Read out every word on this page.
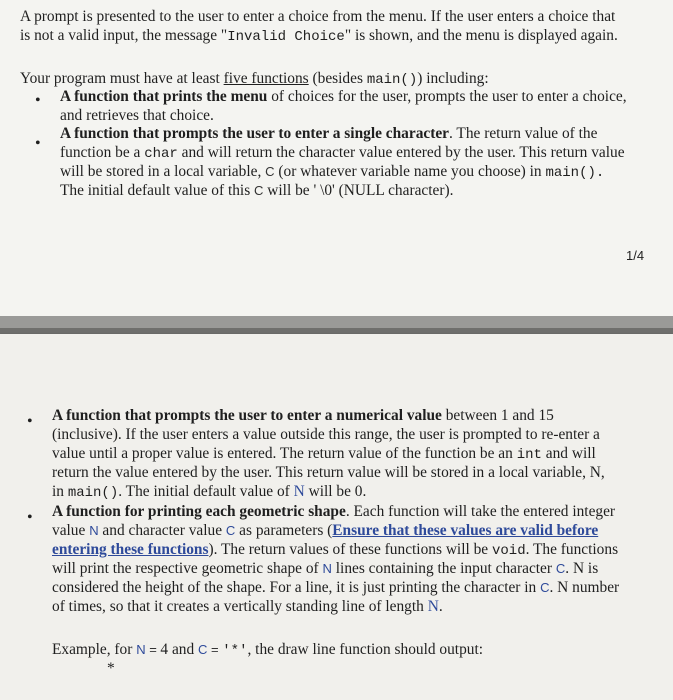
A prompt is presented to the user to enter a choice from the menu. If the user enters a choice that
is not a valid input, the message "Invalid Choice" is shown, and the menu is displayed again.
Your program must have at least five functions (besides main()) including:
• A function that prints the menu of choices for the user, prompts the user to enter a choice,
and retrieves that choice.
•
A function that prompts the user to enter a single character. The return value of the
function be a char and will return the character value entered by the user. This return value
will be stored in a local variable, C (or whatever variable name you choose) in main().
The initial default value of this C will be ' \0' (NULL character).
1/4
• A function that prompts the user to enter a numerical value between 1 and 15
(inclusive). If the user enters a value outside this range, the user is prompted to re-enter a
value until a proper value is entered. The return value of the function be an int and will
return the value entered by the user. This return value will be stored in a local variable, N,
in main(). The initial default value of N will be 0.
• A function for printing each geometric shape. Each function will take the entered integer
value N and character value C as parameters (Ensure that these values are valid before
entering these functions). The return values of these functions will be void. The functions
will print the respective geometric shape of N lines containing the input character C. N is
considered the height of the shape. For a line, it is just printing the character in C. N number
of times, so that it creates a vertically standing line of length N.
Example, for N = 4 and C = '*', the draw line function should output:
*
